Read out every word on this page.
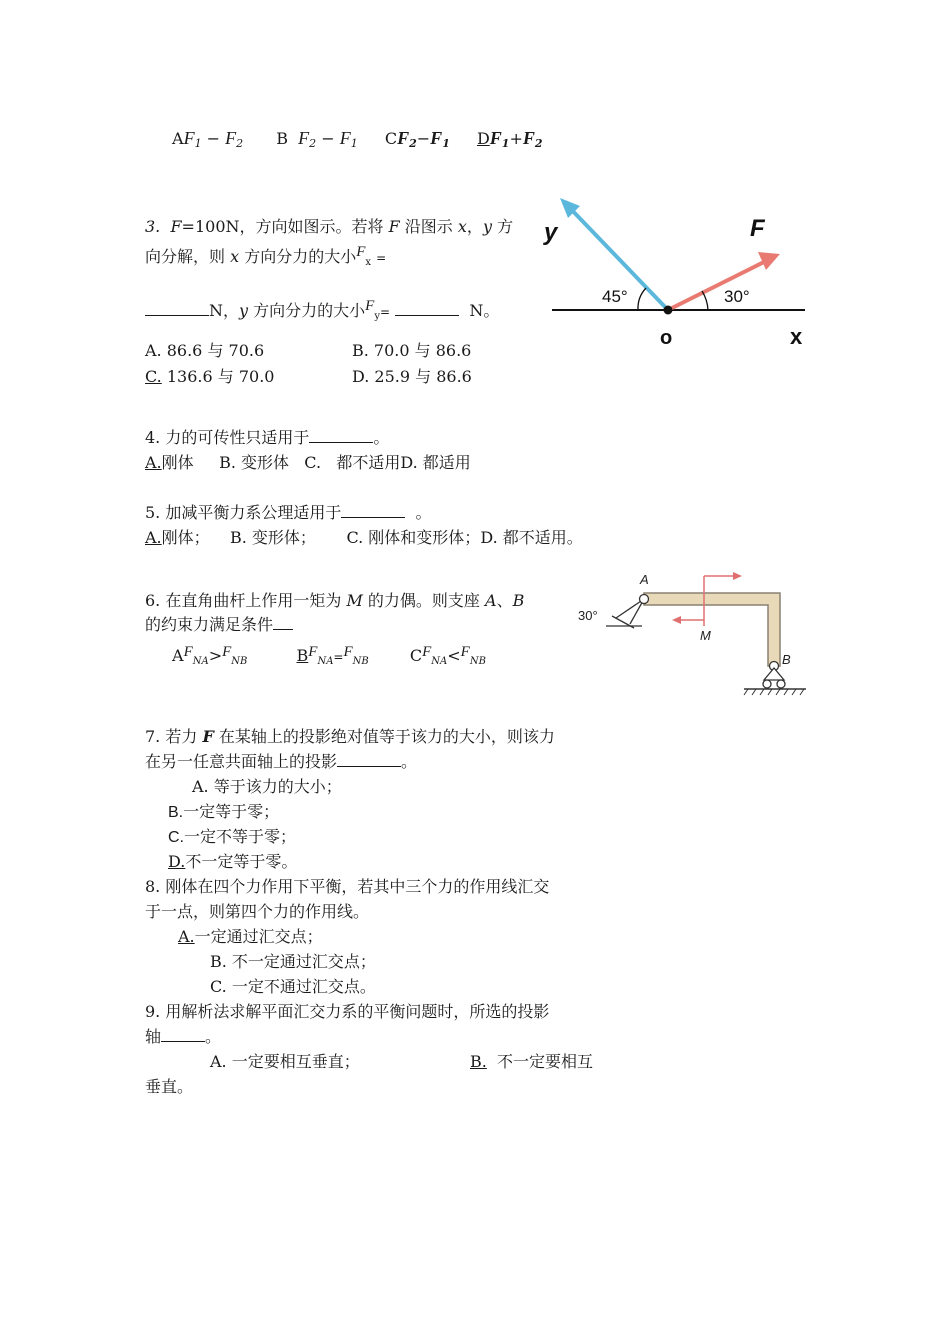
$AF_1 - F_2$ B $F_2 - F_1$ $CF_2-F_1$ $DF_1+F_2$
3. F=100N，方向如图示。若将 F 沿图示 x，y 方
向分解，则 x 方向分力的大小$F_x$ =
N，y 方向分力的大小$F_y=$	N。
A. 86.6 与 70.6	B. 70.0 与 86.6
C. 136.6 与 70.0	D. 25.9 与 86.6
y	F
x
o
45°	30°
4. 力的可传性只适用于	。
A.刚体 B. 变形体 C. 都不适用D. 都适用
5. 加减平衡力系公理适用于	。
A.刚体； B. 变形体； C. 刚体和变形体；D. 都不适用。
6. 在直角曲杆上作用一矩为 M 的力偶。则支座 A、B
的约束力满足条件
$AF_{NA}>F_{NB}$	$BF_{NA}=F_{NB}$	$CF_{NA}<F_{NB}$
A
30°
M
B
7. 若力 F 在某轴上的投影绝对值等于该力的大小，则该力
在另一任意共面轴上的投影	。
A. 等于该力的大小；
B.一定等于零；
C.一定不等于零；
D.不一定等于零。
8. 刚体在四个力作用下平衡，若其中三个力的作用线汇交
于一点，则第四个力的作用线。
A.一定通过汇交点；
B. 不一定通过汇交点；
C. 一定不通过汇交点。
9. 用解析法求解平面汇交力系的平衡问题时，所选的投影
轴	。
A. 一定要相互垂直；	B. 不一定要相互
垂直。
